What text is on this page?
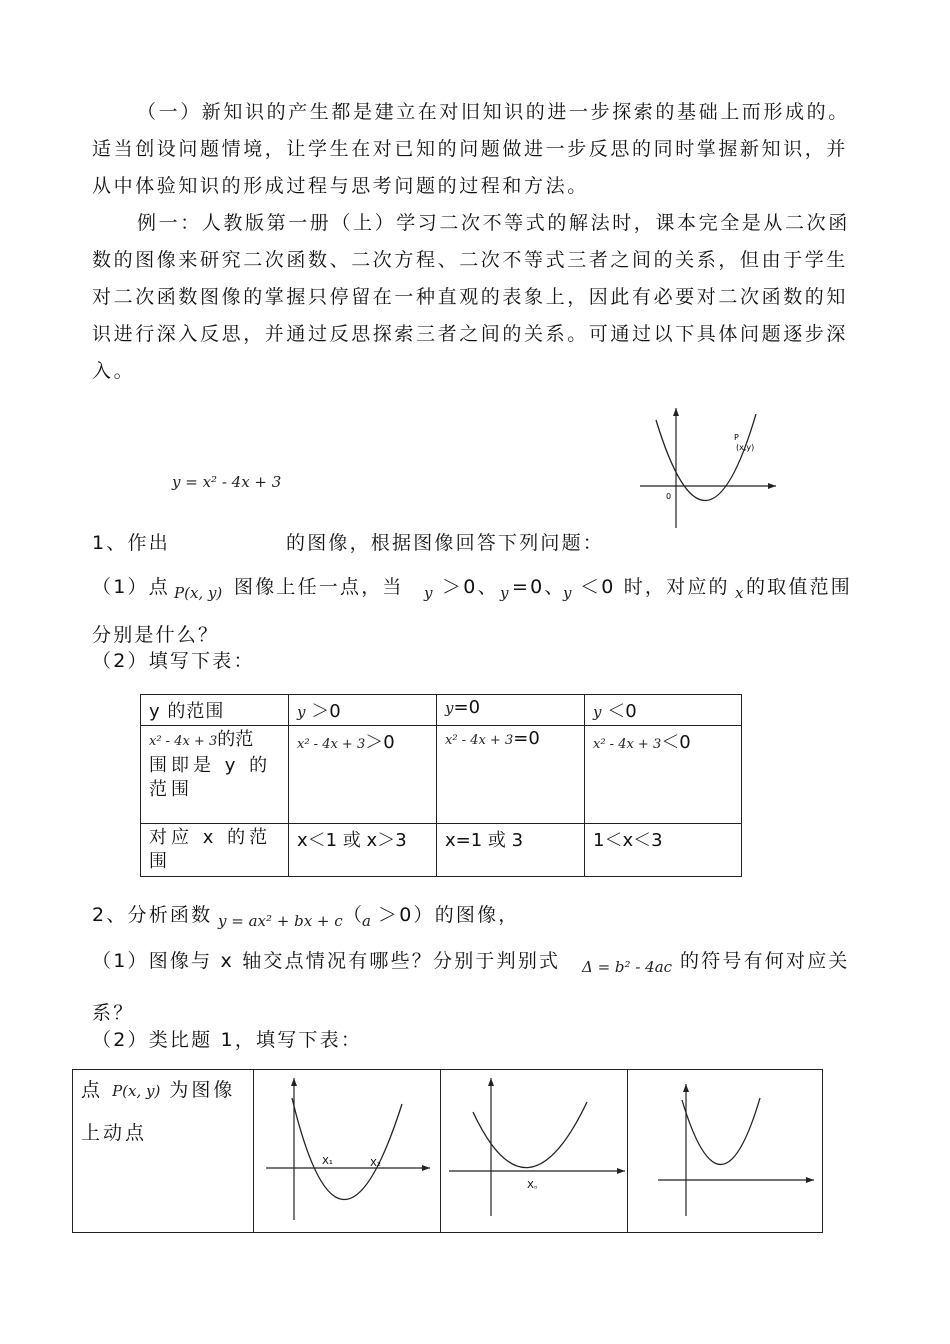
（一）新知识的产生都是建立在对旧知识的进一步探索的基础上而形成的。适当创设问题情境，让学生在对已知的问题做进一步反思的同时掌握新知识，并从中体验知识的形成过程与思考问题的过程和方法。
例一：人教版第一册（上）学习二次不等式的解法时，课本完全是从二次函数的图像来研究二次函数、二次方程、二次不等式三者之间的关系，但由于学生对二次函数图像的掌握只停留在一种直观的表象上，因此有必要对二次函数的知识进行深入反思，并通过反思探索三者之间的关系。可通过以下具体问题逐步深入。
y = x² - 4x + 3
0
P
(x,y)
1、作出	的图像，根据图像回答下列问题：
（1）点 P(x, y) 图像上任一点，当 y ＞0、 y =0、
y ＜0 时，对应的 x 的取值范围
分别是什么？
（2）填写下表：
y 的范围	y ＞0	y=0	y ＜0
x² - 4x + 3的范
围即是 y 的范围	x² - 4x + 3＞0	x² - 4x + 3=0	x² - 4x + 3＜0
对应 x 的范围	x＜1 或 x＞3	x=1 或 3	1＜x＜3
2、分析函数 y = ax² + bx + c （
a ＞0）的图像，
（1）图像与 x 轴交点情况有哪些？分别于判别式 Δ = b² - 4ac 的符号有何对应关
系？
（2）类比题 1，填写下表：
点 P(x, y) 为图像
上动点

X₁	X₂

X。
